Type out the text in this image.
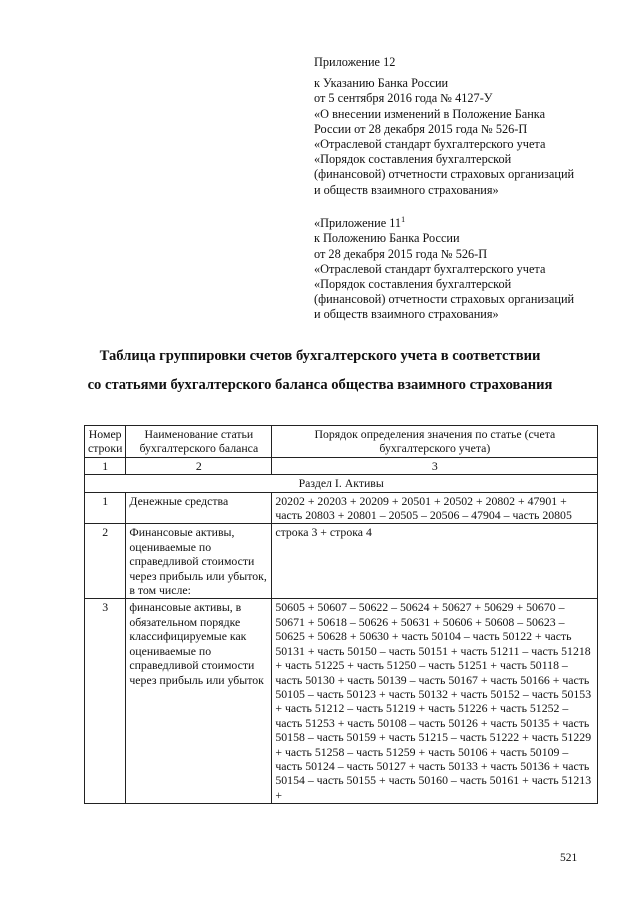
Приложение 12
к Указанию Банка России
от 5 сентября 2016 года № 4127-У
«О внесении изменений в Положение Банка
России от 28 декабря 2015 года № 526-П
«Отраслевой стандарт бухгалтерского учета
«Порядок составления бухгалтерской
(финансовой) отчетности страховых организаций
и обществ взаимного страхования»
«Приложение $11^1$
к Положению Банка России
от 28 декабря 2015 года № 526-П
«Отраслевой стандарт бухгалтерского учета
«Порядок составления бухгалтерской
(финансовой) отчетности страховых организаций
и обществ взаимного страхования»
Таблица группировки счетов бухгалтерского учета в соответствии
со статьями бухгалтерского баланса общества взаимного страхования
Номер строки	Наименование статьи бухгалтерского баланса	Порядок определения значения по статье (счета бухгалтерского учета)
1	2	3
Раздел I. Активы		
1	Денежные средства	20202 + 20203 + 20209 + 20501 + 20502 + 20802 + 47901 + часть 20803 + 20801 – 20505 – 20506 – 47904 – часть 20805
2	Финансовые активы, оцениваемые по справедливой стоимости через прибыль или убыток, в том числе:	строка 3 + строка 4
3	финансовые активы, в обязательном порядке классифицируемые как оцениваемые по справедливой стоимости через прибыль или убыток	50605 + 50607 – 50622 – 50624 + 50627 + 50629 + 50670 – 50671 + 50618 – 50626 + 50631 + 50606 + 50608 – 50623 – 50625 + 50628 + 50630 + часть 50104 – часть 50122 + часть 50131 + часть 50150 – часть 50151 + часть 51211 – часть 51218 + часть 51225 + часть 51250 – часть 51251 + часть 50118 – часть 50130 + часть 50139 – часть 50167 + часть 50166 + часть 50105 – часть 50123 + часть 50132 + часть 50152 – часть 50153 + часть 51212 – часть 51219 + часть 51226 + часть 51252 – часть 51253 + часть 50108 – часть 50126 + часть 50135 + часть 50158 – часть 50159 + часть 51215 – часть 51222 + часть 51229 + часть 51258 – часть 51259 + часть 50106 + часть 50109 – часть 50124 – часть 50127 + часть 50133 + часть 50136 + часть 50154 – часть 50155 + часть 50160 – часть 50161 + часть 51213 +
521
